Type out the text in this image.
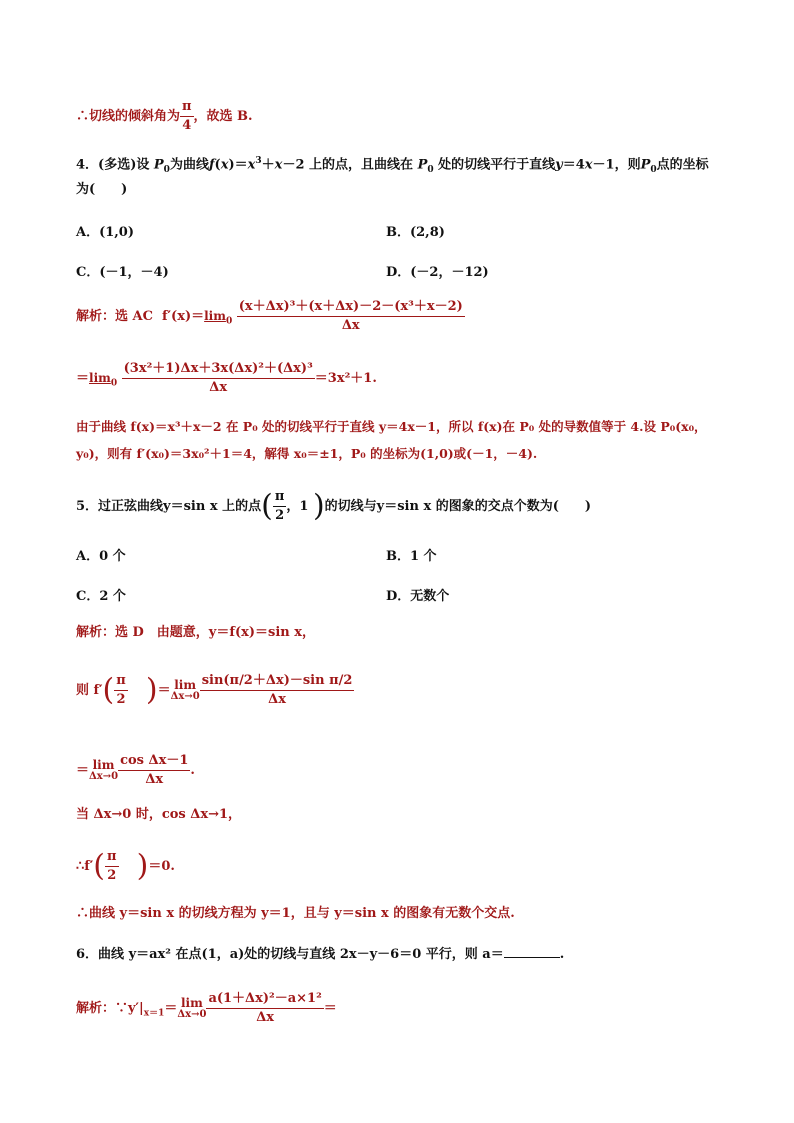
∴切线的倾斜角为 $\frac{\pi}{4}$ ，故选 B.
4．(多选)设 $P_0$为曲线$f(x)=x^3+x-2$ 上的点，且曲线在 $P_0$ 处的切线平行于直线y＝4x－1，则$P_0$点的坐标
为(　　)
A．(1,0)	B．(2,8)
C．(－1，－4)	D．(－2，－12)
解析：选 AC $f'(x)= \lim _0 \frac{\text{(x＋Δx)³＋(x＋Δx)－2－(x³＋x－2)}}{\Delta x}$
＝ $\lim _0 \frac{\text{(3x²＋1)Δx＋3x(Δx)²＋(Δx)³}}{\Delta x} =3x^2+1$.
由于曲线 f(x)＝x³＋x－2 在 P₀ 处的切线平行于直线 y＝4x－1，所以 f(x)在 P₀ 处的导数值等于 4.设 P₀(x₀，
y₀)，则有 f′(x₀)＝3x₀²＋1＝4，解得 x₀＝±1，P₀ 的坐标为(1,0)或(－1，－4).
5．过正弦曲线y＝sin x 上的点( $\frac{\pi}{2}$ ，1 )的切线与y＝sin x 的图象的交点个数为(　　)
A．0 个	B．1 个
C．2 个	D．无数个
解析：选 D　由题意，y＝f(x)＝sin x，
则 $f'( \frac{\pi}{2}$ )＝ lim
$\Delta x\to 0 \frac{\text{sin(π/2＋Δx)－sin π/2}}{\Delta x}$
＝ lim
$\Delta x\to 0 \frac{\text{cos Δx－1}}{\Delta x}$ .
当 Δx→0 时，cos Δx→1，
∴f′( $\frac{\pi}{2} )=0$.
∴曲线 y＝sin x 的切线方程为 y＝1，且与 y＝sin x 的图象有无数个交点.
6．曲线 y＝ax² 在点(1，a)处的切线与直线 2x－y－6＝0 平行，则 a＝	.
解析：$\because y'|_{x=1}= \lim$
$\Delta x\to 0 \frac{\text{a(1＋Δx)²－a×1²}}{\Delta x}$ ＝
